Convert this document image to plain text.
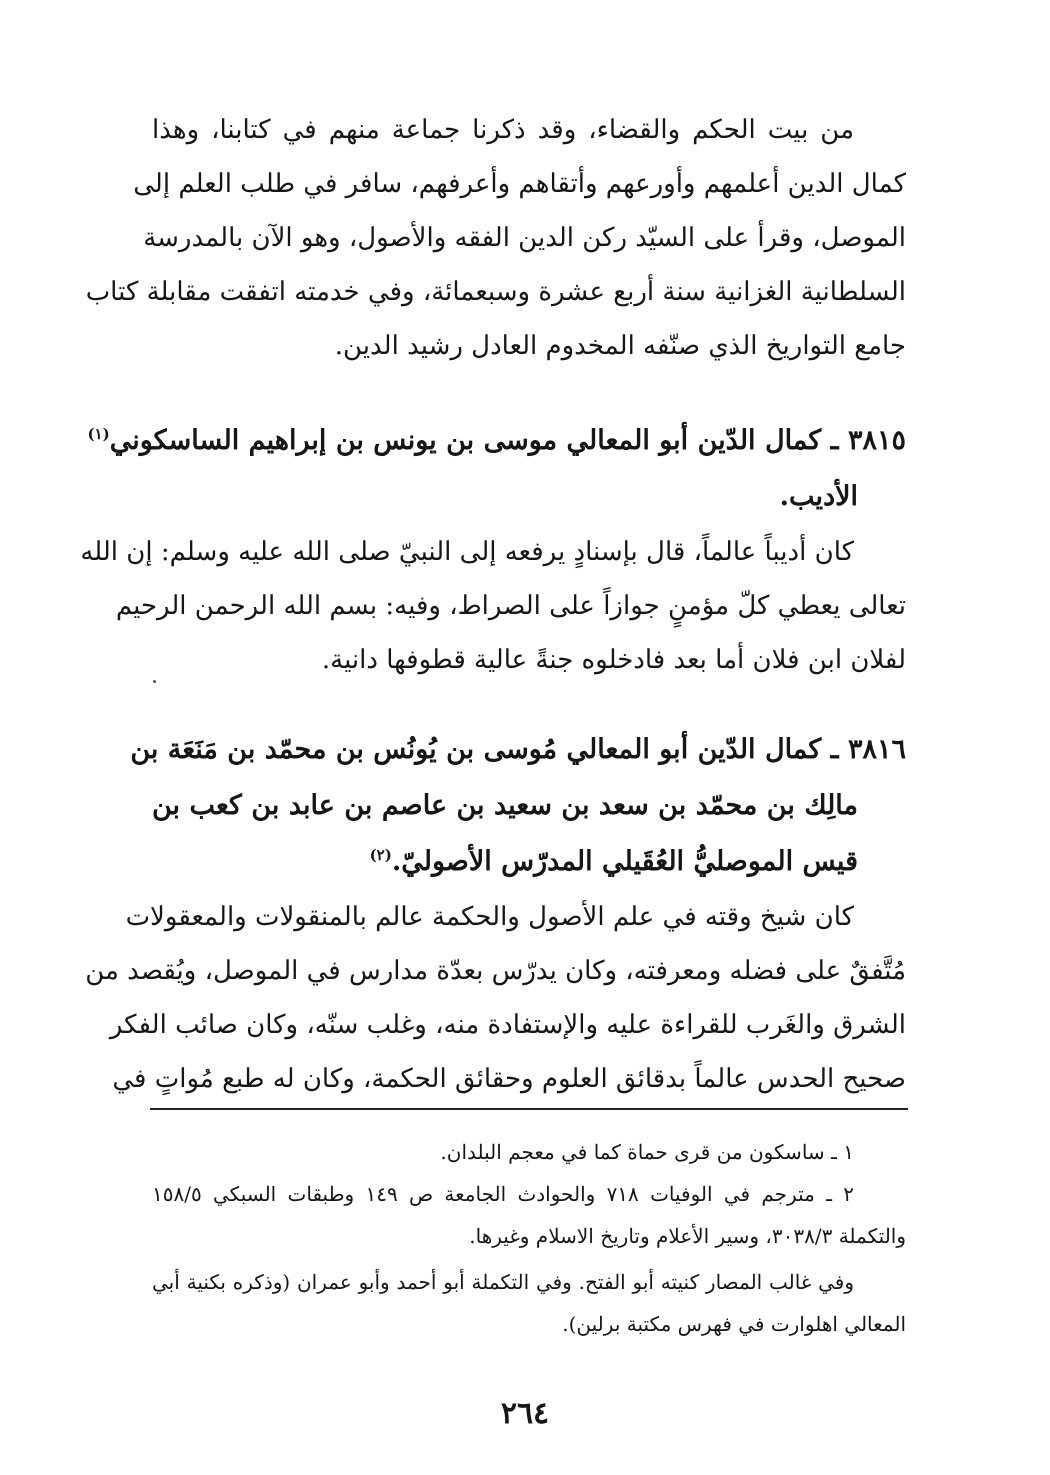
من بيت الحكم والقضاء، وقد ذكرنا جماعة منهم في كتابنا، وهذا
كمال الدين أعلمهم وأورعهم وأتقاهم وأعرفهم، سافر في طلب العلم إلى
الموصل، وقرأ على السيّد ركن الدين الفقه والأصول، وهو الآن بالمدرسة
السلطانية الغزانية سنة أربع عشرة وسبعمائة، وفي خدمته اتفقت مقابلة كتاب
جامع التواريخ الذي صنّفه المخدوم العادل رشيد الدين.
٣٨١٥ ـ كمال الدّين أبو المعالي موسى بن يونس بن إبراهيم الساسكوني$^{(١)}$
الأديب.
كان أديباً عالماً، قال بإسنادٍ يرفعه إلى النبيّ صلى الله عليه وسلم: إن الله
تعالى يعطي كلّ مؤمنٍ جوازاً على الصراط، وفيه: بسم الله الرحمن الرحيم
لفلان ابن فلان أما بعد فادخلوه جنةً عالية قطوفها دانية.
٣٨١٦ ـ كمال الدّين أبو المعالي مُوسى بن يُونُس بن محمّد بن مَنَعَة بن
مالِك بن محمّد بن سعد بن سعيد بن عاصم بن عابد بن كعب بن
قيس الموصليُّ العُقَيلي المدرّس الأصوليّ.$^{(٢)}$
كان شيخ وقته في علم الأصول والحكمة عالم بالمنقولات والمعقولات
مُتَّفقٌ على فضله ومعرفته، وكان يدرّس بعدّة مدارس في الموصل، ويُقصد من
الشرق والغَرب للقراءة عليه والإستفادة منه، وغلب سنّه، وكان صائب الفكر
صحيح الحدس عالماً بدقائق العلوم وحقائق الحكمة، وكان له طبع مُواتٍ في
١ ـ ساسكون من قرى حماة كما في معجم البلدان.
٢ ـ مترجم في الوفيات ٧١٨ والحوادث الجامعة ص ١٤٩ وطبقات السبكي ١٥٨/٥
والتكملة ٣٠٣٨/٣، وسير الأعلام وتاريخ الاسلام وغيرها.
وفي غالب المصار كنيته أبو الفتح. وفي التكملة أبو أحمد وأبو عمران (وذكره بكنية أبي
المعالي اهلوارت في فهرس مكتبة برلين).
٢٦٤
